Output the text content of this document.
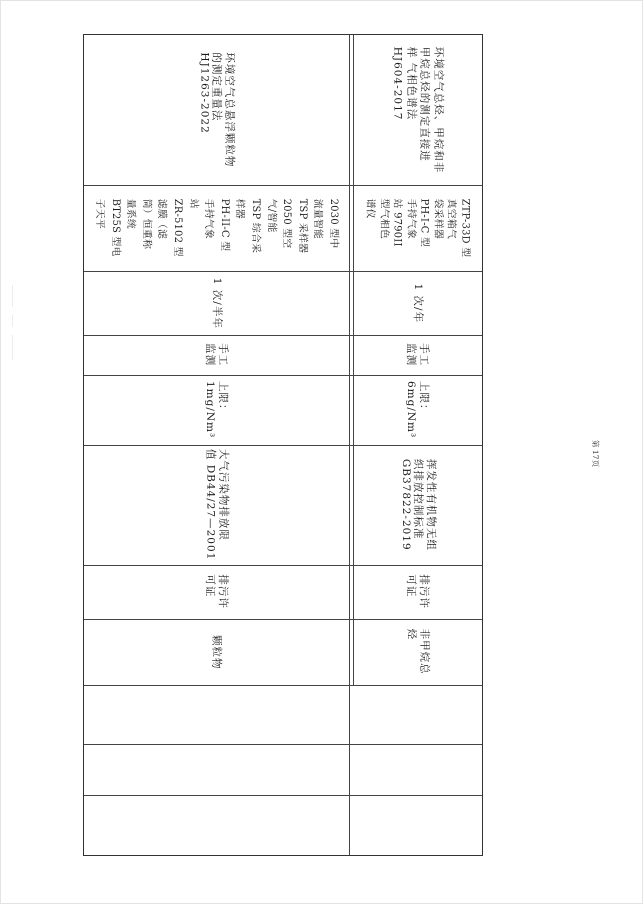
环境空气总悬浮颗粒物
的测定重量法
HJ1263-2022
2030 型中
流量智能
TSP 采样器
2050 型空
气/智能
TSP 综合采
样器
PH-II-C 型
手持气象
站
ZR-5102 型
滤膜（滤
筒）恒重称
量系统
BT25S 型电
子天平
1 次/半年
手工
监测
上限：
1mg/Nm³
大气污染物排放限
值 DB44/27—2001
排污许
可证
颗粒物
环境空气总烃、甲烷和非
甲烷总烃的测定直接进
样 气相色谱法
HJ604-2017
ZTP-33D 型
真空箱气
袋采样器
PH-I-C 型
手持气象
站 9790II
型气相色
谱仪
1 次/年
手工
监测
上限：
6mg/Nm³
挥发性有机物无组
织排放控制标准
GB37822-2019
排污许
可证
非甲烷总
烃
第 17页
